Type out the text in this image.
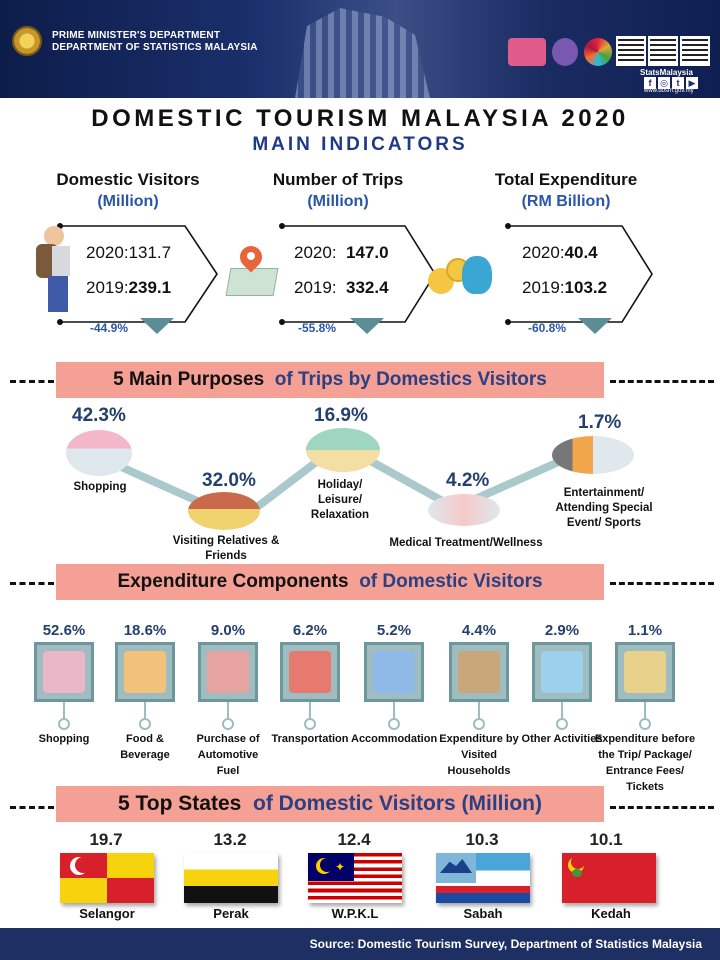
PRIME MINISTER'S DEPARTMENT
DEPARTMENT OF STATISTICS MALAYSIA
StatsMalaysia
f ◎ t	▶
www.dosm.gov.my
DOMESTIC TOURISM MALAYSIA 2020
MAIN INDICATORS
Domestic Visitors
(Million)
Number of Trips
(Million)
Total Expenditure
(RM Billion)
2020:131.7
2019:239.1
-44.9%
2020: 147.0
2019: 332.4
-55.8%
2020:40.4
2019:103.2
-60.8%
5 Main Purposes of Trips by Domestics Visitors
42.3%
Shopping	32.0%
Visiting Relatives & Friends
16.9%
Holiday/ Leisure/ Relaxation
4.2%
Medical Treatment/Wellness
1.7%
Entertainment/ Attending Special Event/ Sports
Expenditure Components of Domestic Visitors
52.6%
Shopping
18.6%
Food & Beverage
9.0%
Purchase of Automotive Fuel
6.2%
Transportation
5.2%
Accommodation
4.4%
Expenditure by Visited Households
2.9%
Other Activities
1.1%
Expenditure before the Trip/ Package/ Entrance Fees/ Tickets
5 Top States of Domestic Visitors (Million)
19.7
Selangor
13.2
Perak
12.4
✦
W.P.K.L
10.3
Sabah
10.1
Kedah
Source: Domestic Tourism Survey, Department of Statistics Malaysia
